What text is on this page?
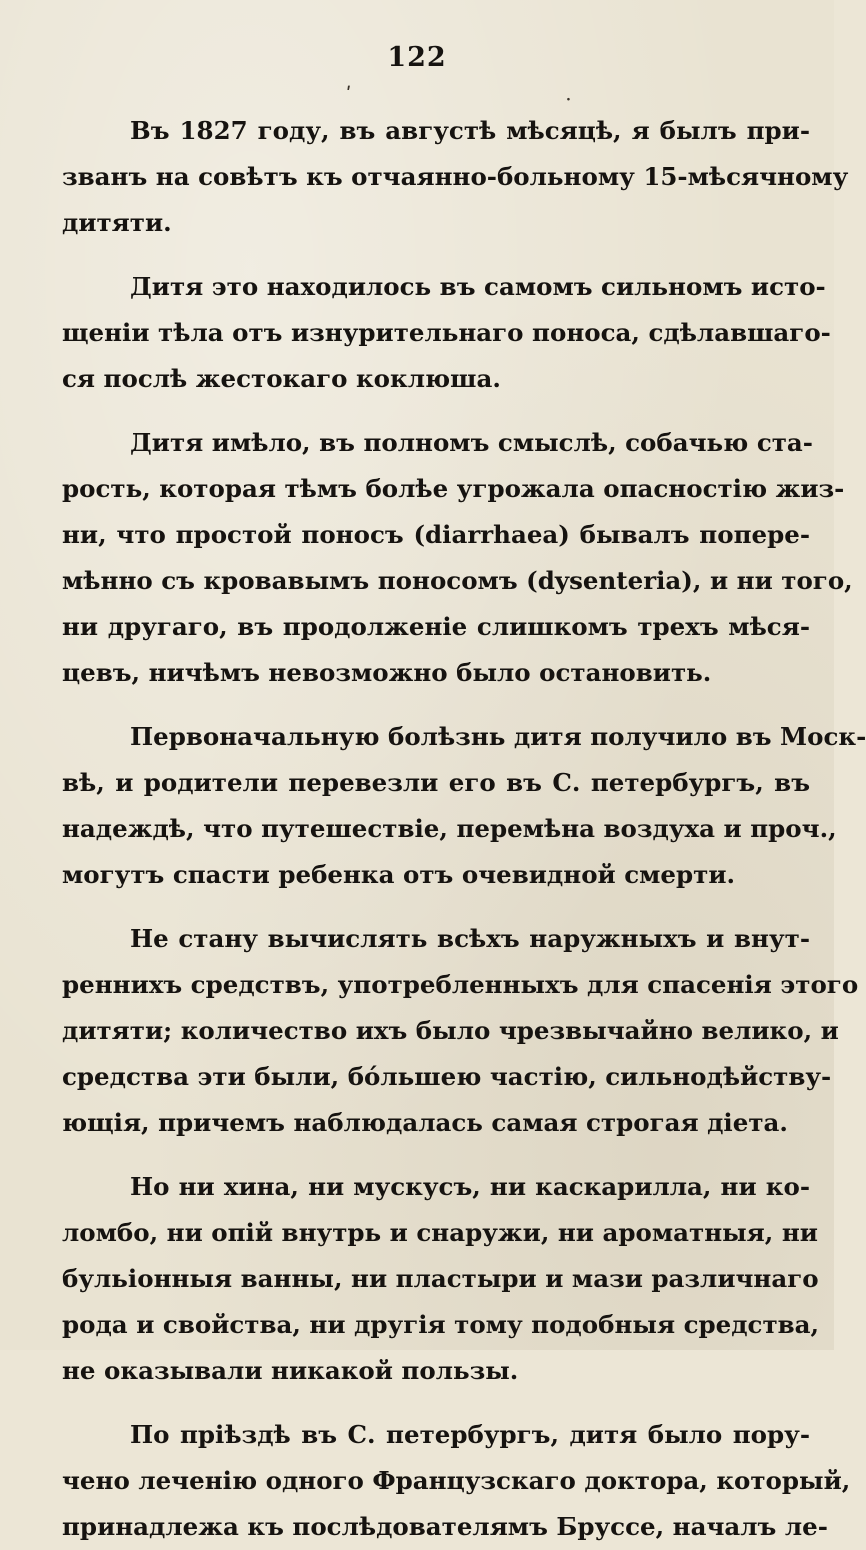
122
ʹ	·
Въ 1827 году, въ августѣ мѣсяцѣ, я былъ при-
званъ на совѣтъ къ отчаянно-больному 15-мѣсячному
дитяти.
Дитя это находилось въ самомъ сильномъ исто-
щеніи тѣла отъ изнурительнаго поноса, сдѣлавшаго-
ся послѣ жестокаго коклюша.
Дитя имѣло, въ полномъ смыслѣ, собачью ста-
рость, которая тѣмъ болѣе угрожала опасностію жиз-
ни, что простой поносъ (diarrhaea) бывалъ попере-
мѣнно съ кровавымъ поносомъ (dysenteria), и ни того,
ни другаго, въ продолженіе слишкомъ трехъ мѣся-
цевъ, ничѣмъ невозможно было остановить.
Первоначальную болѣзнь дитя получило въ Моск-
вѣ, и родители перевезли его въ С. петербургъ, въ
надеждѣ, что путешествіе, перемѣна воздуха и проч.,
могутъ спасти ребенка отъ очевидной смерти.
Не стану вычислять всѣхъ наружныхъ и внут-
реннихъ средствъ, употребленныхъ для спасенія этого
дитяти; количество ихъ было чрезвычайно велико, и
средства эти были, бо́льшею частію, сильнодѣйству-
ющія, причемъ наблюдалась самая строгая діета.
Но ни хина, ни мускусъ, ни каскарилла, ни ко-
ломбо, ни опій внутрь и снаружи, ни ароматныя, ни
бульіонныя ванны, ни пластыри и мази различнаго
рода и свойства, ни другія тому подобныя средства,
не оказывали никакой пользы.
По пріѣздѣ въ С. петербургъ, дитя было пору-
чено леченію одного Французскаго доктора, который,
принадлежа къ послѣдователямъ Бруссе, началъ ле-
